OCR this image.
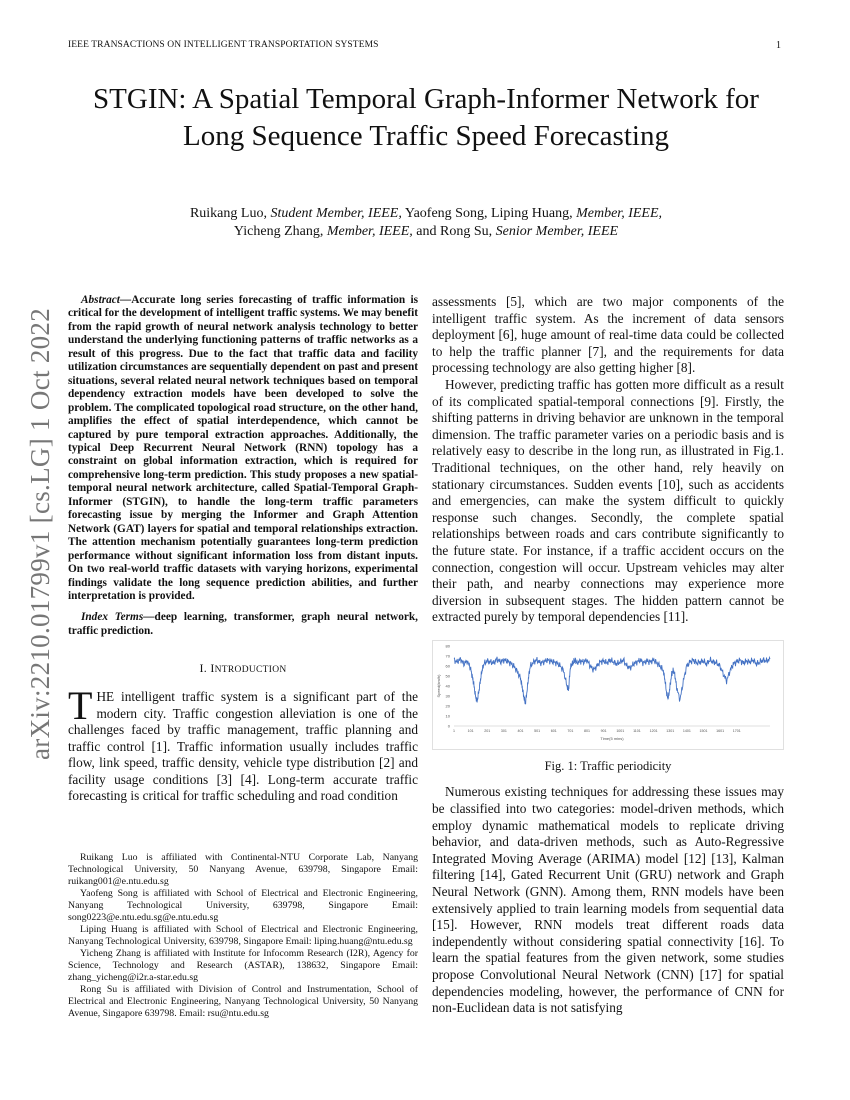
IEEE TRANSACTIONS ON INTELLIGENT TRANSPORTATION SYSTEMS	1
STGIN: A Spatial Temporal Graph-Informer Network for Long Sequence Traffic Speed Forecasting
Ruikang Luo, Student Member, IEEE, Yaofeng Song, Liping Huang, Member, IEEE,
Yicheng Zhang, Member, IEEE, and Rong Su, Senior Member, IEEE
arXiv:2210.01799v1 [cs.LG] 1 Oct 2022

Abstract—Accurate long series forecasting of traffic information is critical for the development of intelligent traffic systems. We may benefit from the rapid growth of neural network analysis technology to better understand the underlying functioning patterns of traffic networks as a result of this progress. Due to the fact that traffic data and facility utilization circumstances are sequentially dependent on past and present situations, several related neural network techniques based on temporal dependency extraction models have been developed to solve the problem. The complicated topological road structure, on the other hand, amplifies the effect of spatial interdependence, which cannot be captured by pure temporal extraction approaches. Additionally, the typical Deep Recurrent Neural Network (RNN) topology has a constraint on global information extraction, which is required for comprehensive long-term prediction. This study proposes a new spatial-temporal neural network architecture, called Spatial-Temporal Graph-Informer (STGIN), to handle the long-term traffic parameters forecasting issue by merging the Informer and Graph Attention Network (GAT) layers for spatial and temporal relationships extraction. The attention mechanism potentially guarantees long-term prediction performance without significant information loss from distant inputs. On two real-world traffic datasets with varying horizons, experimental findings validate the long sequence prediction abilities, and further interpretation is provided.

Index Terms—deep learning, transformer, graph neural network, traffic prediction.

I. INTRODUCTION

THE intelligent traffic system is a significant part of the modern city. Traffic congestion alleviation is one of the challenges faced by traffic management, traffic planning and traffic control [1]. Traffic information usually includes traffic flow, link speed, traffic density, vehicle type distribution [2] and facility usage conditions [3] [4]. Long-term accurate traffic forecasting is critical for traffic scheduling and road condition

Ruikang Luo is affiliated with Continental-NTU Corporate Lab, Nanyang Technological University, 50 Nanyang Avenue, 639798, Singapore Email: ruikang001@e.ntu.edu.sg

Yaofeng Song is affiliated with School of Electrical and Electronic Engineering, Nanyang Technological University, 639798, Singapore Email: song0223@e.ntu.edu.sg@e.ntu.edu.sg

Liping Huang is affiliated with School of Electrical and Electronic Engineering, Nanyang Technological University, 639798, Singapore Email: liping.huang@ntu.edu.sg

Yicheng Zhang is affiliated with Institute for Infocomm Research (I2R), Agency for Science, Technology and Research (ASTAR), 138632, Singapore Email: zhang_yicheng@i2r.a-star.edu.sg

Rong Su is affiliated with Division of Control and Instrumentation, School of Electrical and Electronic Engineering, Nanyang Technological University, 50 Nanyang Avenue, Singapore 639798. Email: rsu@ntu.edu.sg

assessments [5], which are two major components of the intelligent traffic system. As the increment of data sensors deployment [6], huge amount of real-time data could be collected to help the traffic planner [7], and the requirements for data processing technology are also getting higher [8].

However, predicting traffic has gotten more difficult as a result of its complicated spatial-temporal connections [9]. Firstly, the shifting patterns in driving behavior are unknown in the temporal dimension. The traffic parameter varies on a periodic basis and is relatively easy to describe in the long run, as illustrated in Fig.1. Traditional techniques, on the other hand, rely heavily on stationary circumstances. Sudden events [10], such as accidents and emergencies, can make the system difficult to quickly response such changes. Secondly, the complete spatial relationships between roads and cars contribute significantly to the future state. For instance, if a traffic accident occurs on the connection, congestion will occur. Upstream vehicles may alter their path, and nearby connections may experience more diversion in subsequent stages. The hidden pattern cannot be extracted purely by temporal dependencies [11].

0
10
20
30
40
50
60
70
80
1	101	201	301	401	501	601	701	801	901	1001 1101 1201 1301 1401 1501 1601 1701
Speed(km/h)
Time(5 mins)
Fig. 1: Traffic periodicity

Numerous existing techniques for addressing these issues may be classified into two categories: model-driven methods, which employ dynamic mathematical models to replicate driving behavior, and data-driven methods, such as Auto-Regressive Integrated Moving Average (ARIMA) model [12] [13], Kalman filtering [14], Gated Recurrent Unit (GRU) network and Graph Neural Network (GNN). Among them, RNN models have been extensively applied to train learning models from sequential data [15]. However, RNN models treat different roads data independently without considering spatial connectivity [16]. To learn the spatial features from the given network, some studies propose Convolutional Neural Network (CNN) [17] for spatial dependencies modeling, however, the performance of CNN for non-Euclidean data is not satisfying
